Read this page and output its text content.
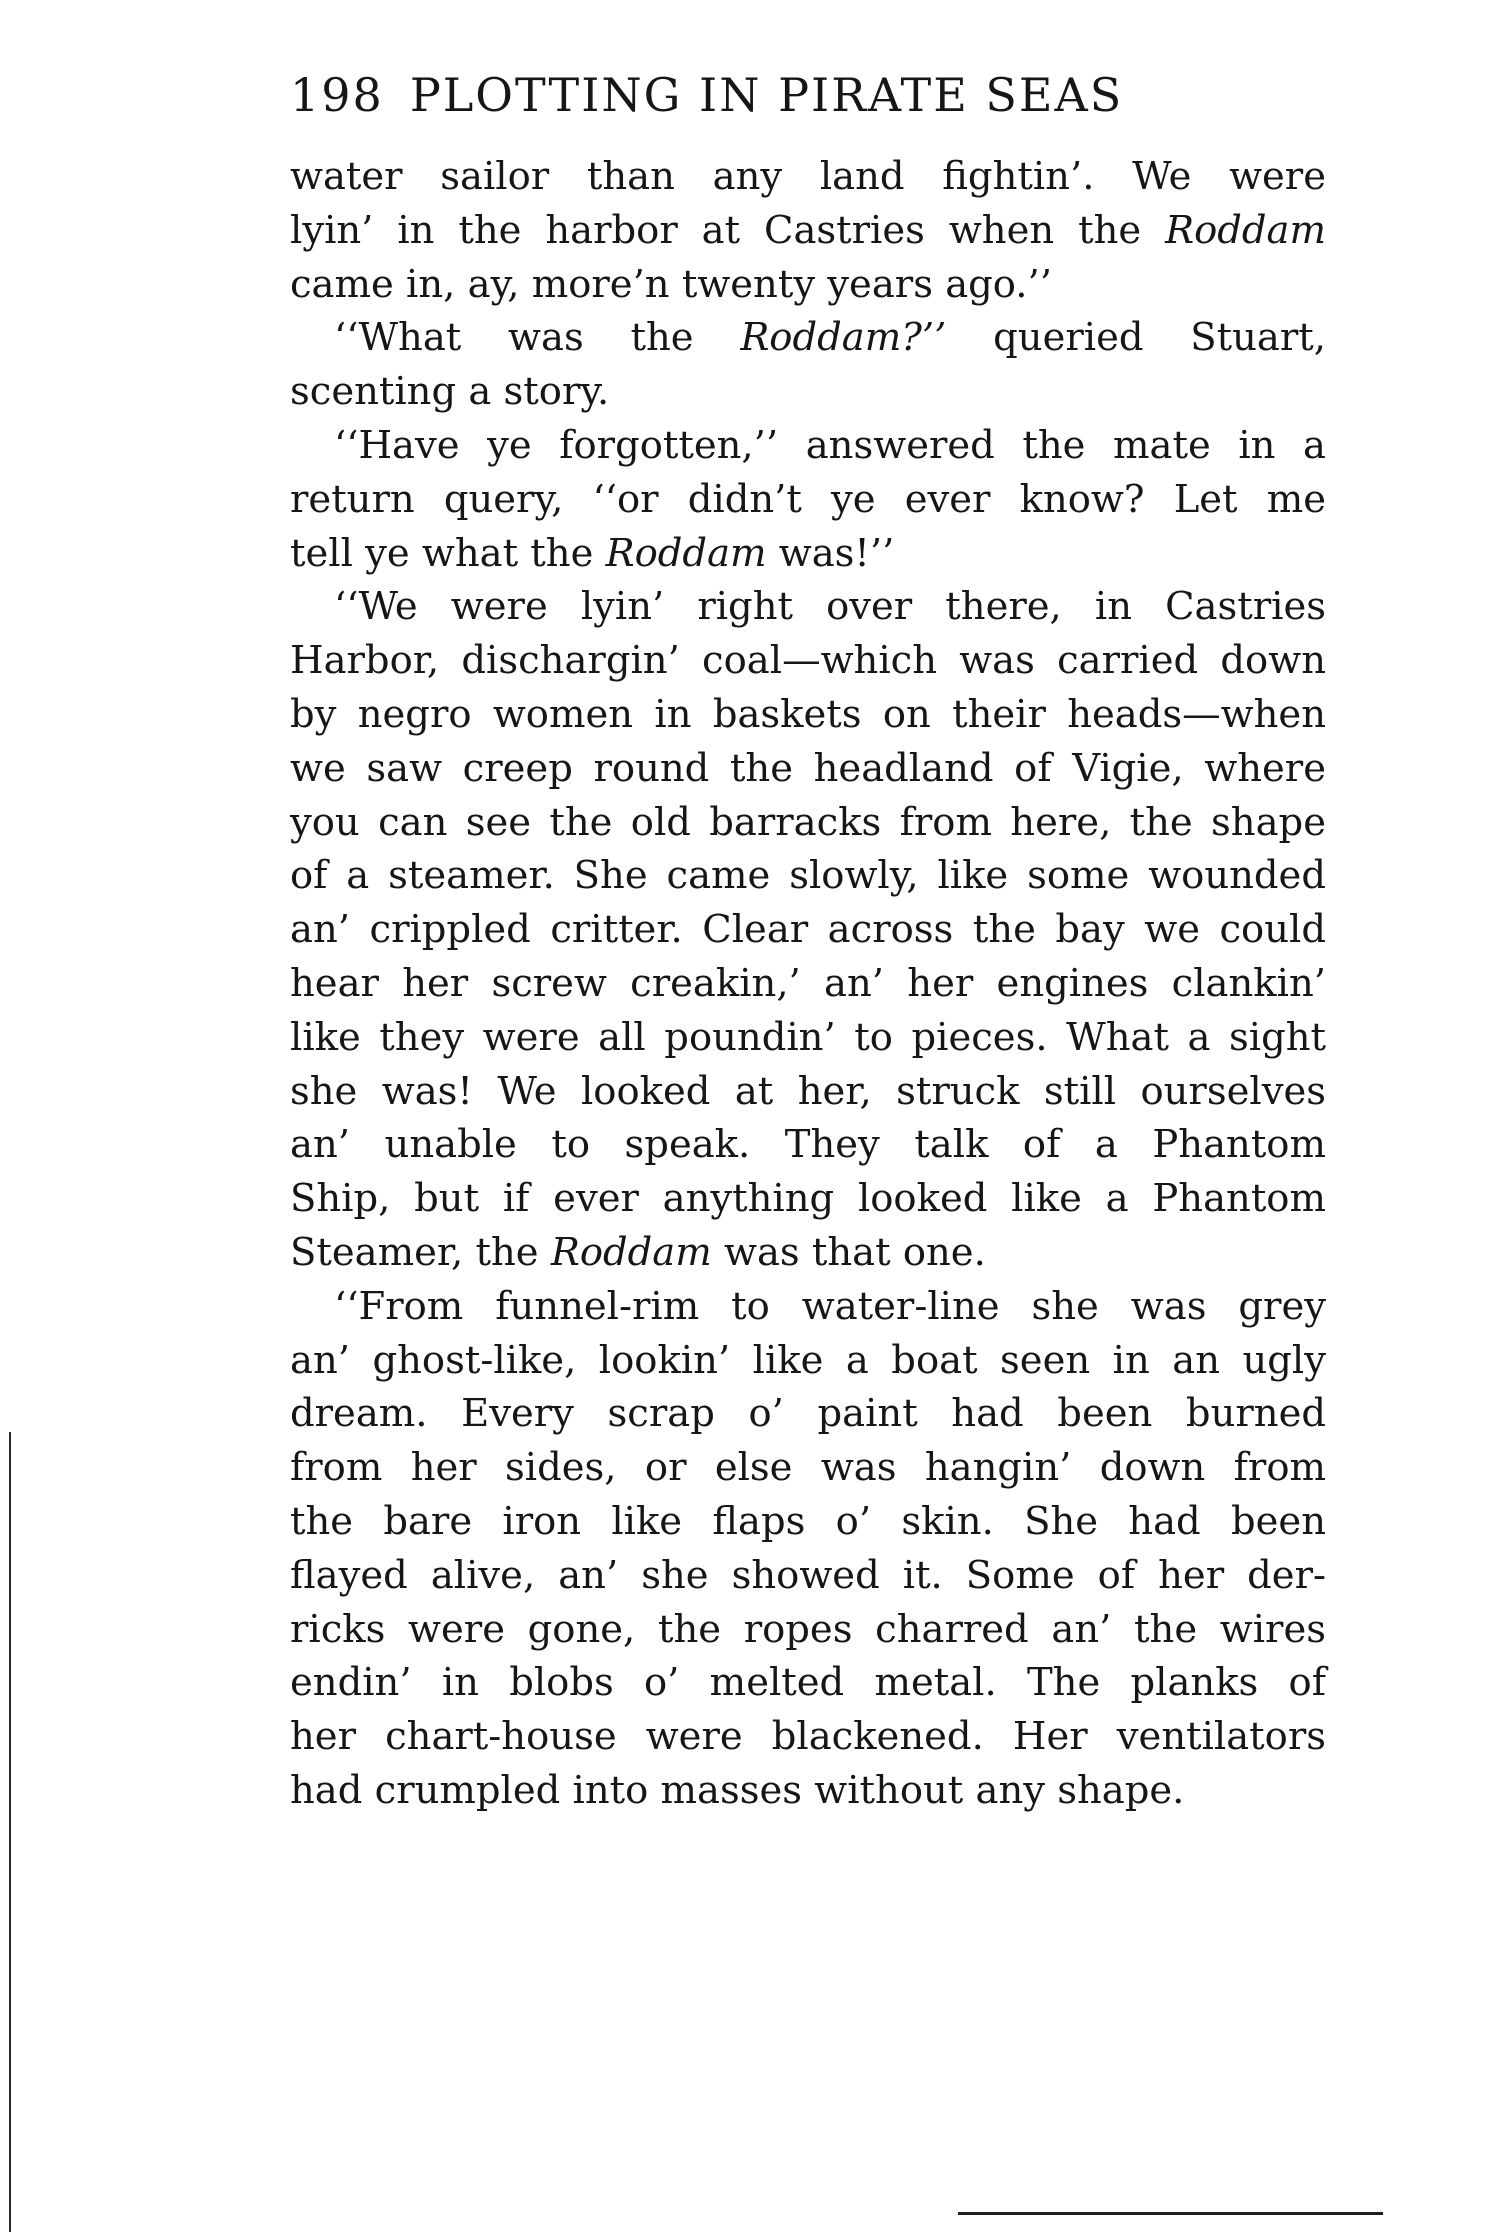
198 PLOTTING IN PIRATE SEAS
water sailor than any land fightin’. We were
lyin’ in the harbor at Castries when the Roddam
came in, ay, more’n twenty years ago.’’
‘‘What was the Roddam?’’ queried Stuart,
scenting a story.
‘‘Have ye forgotten,’’ answered the mate in a
return query, ‘‘or didn’t ye ever know? Let me
tell ye what the Roddam was!’’
‘‘We were lyin’ right over there, in Castries
Harbor, dischargin’ coal—which was carried down
by negro women in baskets on their heads—when
we saw creep round the headland of Vigie, where
you can see the old barracks from here, the shape
of a steamer. She came slowly, like some wounded
an’ crippled critter. Clear across the bay we could
hear her screw creakin,’ an’ her engines clankin’
like they were all poundin’ to pieces. What a sight
she was! We looked at her, struck still ourselves
an’ unable to speak. They talk of a Phantom
Ship, but if ever anything looked like a Phantom
Steamer, the Roddam was that one.
‘‘From funnel-rim to water-line she was grey
an’ ghost-like, lookin’ like a boat seen in an ugly
dream. Every scrap o’ paint had been burned
from her sides, or else was hangin’ down from
the bare iron like flaps o’ skin. She had been
flayed alive, an’ she showed it. Some of her der-
ricks were gone, the ropes charred an’ the wires
endin’ in blobs o’ melted metal. The planks of
her chart-house were blackened. Her ventilators
had crumpled into masses without any shape.
